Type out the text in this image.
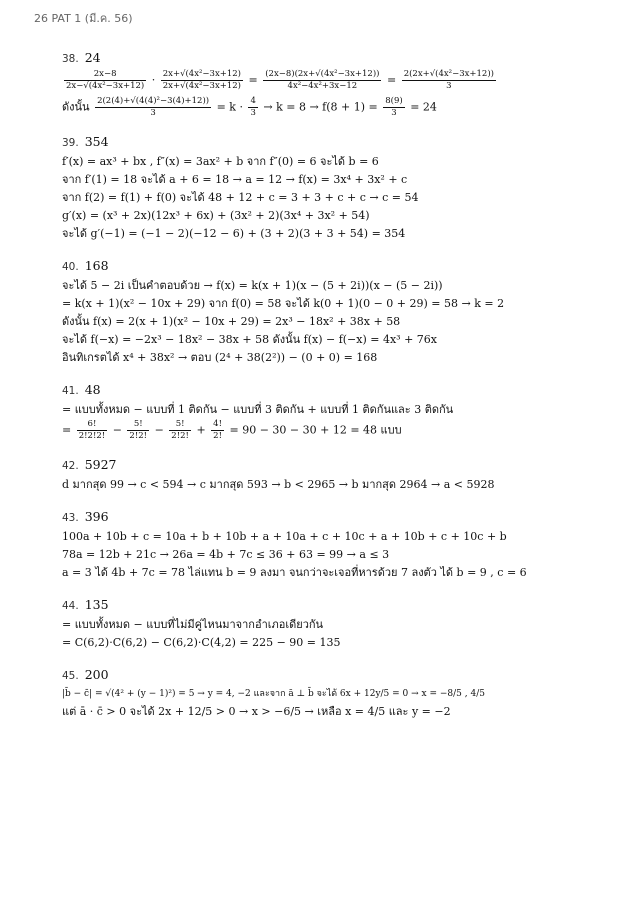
26 PAT 1 (มี.ค. 56)
38. 24
$\frac{2x-8}{\text{2x−√(4x²−3x+12)}} \cdot \frac{\text{2x+√(4x²−3x+12)}}{\text{2x+√(4x²−3x+12)}} = \frac{\text{(2x−8)(2x+√(4x²−3x+12))}}{\text{4x²−4x²+3x−12}} = \frac{\text{2(2x+√(4x²−3x+12))}}{3}$
ดังนั้น $\frac{\text{2(2(4)+√(4(4)²−3(4)+12))}}{3} = k \cdot \frac{4}{3} \to k = 8 \to f(8 + 1) = \frac{8(9)}{3} = 24$
39. 354
f′(x) = ax³ + bx , f″(x) = 3ax² + b จาก f″(0) = 6 จะได้ b = 6
จาก f′(1) = 18 จะได้ a + 6 = 18 → a = 12 → f(x) = 3x⁴ + 3x² + c
จาก f(2) = f(1) + f(0) จะได้ 48 + 12 + c = 3 + 3 + c + c → c = 54
g′(x) = (x³ + 2x)(12x³ + 6x) + (3x² + 2)(3x⁴ + 3x² + 54)
จะได้ g′(−1) = (−1 − 2)(−12 − 6) + (3 + 2)(3 + 3 + 54) = 354
40. 168
จะได้ 5 − 2i เป็นคำตอบด้วย → f(x) = k(x + 1)(x − (5 + 2i))(x − (5 − 2i))
= k(x + 1)(x² − 10x + 29) จาก f(0) = 58 จะได้ k(0 + 1)(0 − 0 + 29) = 58 → k = 2
ดังนั้น f(x) = 2(x + 1)(x² − 10x + 29) = 2x³ − 18x² + 38x + 58
จะได้ f(−x) = −2x³ − 18x² − 38x + 58 ดังนั้น f(x) − f(−x) = 4x³ + 76x
อินทิเกรตได้ x⁴ + 38x² → ตอบ (2⁴ + 38(2²)) − (0 + 0) = 168
41. 48
= แบบทั้งหมด − แบบที่ 1 ติดกัน − แบบที่ 3 ติดกัน + แบบที่ 1 ติดกันและ 3 ติดกัน
= $\frac{6!}{2!2!2!} - \frac{5!}{2!2!} - \frac{5!}{2!2!} + \frac{4!}{2!} = 90 - 30 - 30 + 12 = 48$ แบบ
42. 5927
d มากสุด 99 → c < 594 → c มากสุด 593 → b < 2965 → b มากสุด 2964 → a < 5928
43. 396
100a + 10b + c = 10a + b + 10b + a + 10a + c + 10c + a + 10b + c + 10c + b
78a = 12b + 21c → 26a = 4b + 7c ≤ 36 + 63 = 99 → a ≤ 3
a = 3 ได้ 4b + 7c = 78 ไล่แทน b = 9 ลงมา จนกว่าจะเจอที่หารด้วย 7 ลงตัว ได้ b = 9 , c = 6
44. 135
= แบบทั้งหมด − แบบที่ไม่มีคู่ไหนมาจากอำเภอเดียวกัน
= C(6,2)·C(6,2) − C(6,2)·C(4,2) = 225 − 90 = 135
45. 200
|b̄ − c̄| = √(4² + (y − 1)²) = 5 → y = 4, −2 และจาก ā ⊥ b̄ จะได้ 6x + 12y/5 = 0 → x = −8/5 , 4/5
แต่ ā · c̄ > 0 จะได้ 2x + 12/5 > 0 → x > −6/5 → เหลือ x = 4/5 และ y = −2
